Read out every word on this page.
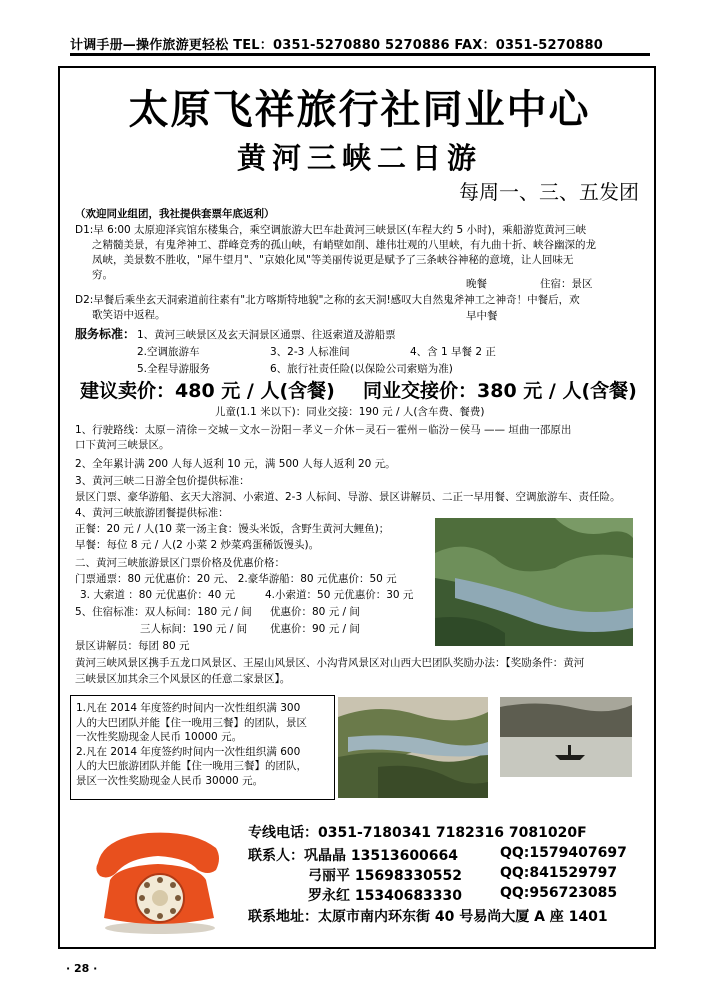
计调手册—操作旅游更轻松 TEL：0351-5270880 5270886 FAX：0351-5270880
太原飞祥旅行社同业中心
黄河三峡二日游
每周一、三、五发团
（欢迎同业组团，我社提供套票年底返利）
D1:早 6:00 太原迎泽宾馆东楼集合，乘空调旅游大巴车赴黄河三峡景区(车程大约 5 小时)，乘船游览黄河三峡
之精髓美景，有鬼斧神工、群峰竞秀的孤山峡，有峭壁如削、雄伟壮观的八里峡，有九曲十折、峡谷幽深的龙
凤峡，美景数不胜收，"犀牛望月"、"京娘化凤"等美丽传说更是赋予了三条峡谷神秘的意境，让人回味无
穷。
晚餐	住宿：景区
D2:早餐后乘坐玄天洞索道前往素有"北方喀斯特地貌"之称的玄天洞!感叹大自然鬼斧神工之神奇！中餐后，欢
歌笑语中返程。	早中餐
服务标准： 1、黄河三峡景区及玄天洞景区通票、往返索道及游船票
2.空调旅游车	3、2-3 人标准间	4、含 1 早餐 2 正
5.全程导游服务	6、旅行社责任险(以保险公司索赔为准)
建议卖价：480 元 / 人(含餐) 同业交接价：380 元 / 人(含餐)
儿童(1.1 米以下)：同业交接：190 元 / 人(含车费、餐费)
1、行驶路线：太原－清徐－交城－文水－汾阳－孝义－介休－灵石－霍州－临汾－侯马 —— 垣曲一邵原出
口下黄河三峡景区。
2、全年累计满 200 人每人返利 10 元，满 500 人每人返利 20 元。
3、黄河三峡二日游全包价提供标准：
景区门票、豪华游船、玄天大溶洞、小索道、2-3 人标间、导游、景区讲解员、二正一早用餐、空调旅游车、责任险。
4、黄河三峡旅游团餐提供标准：
正餐：20 元 / 人(10 菜一汤主食：馒头米饭，含野生黄河大鲤鱼)；
早餐：每位 8 元 / 人(2 小菜 2 炒菜鸡蛋稀饭馒头)。
二、黄河三峡旅游景区门票价格及优惠价格：
门票通票：80 元优惠价：20 元、 2.豪华游船：80 元优惠价：50 元
3. 大索道 ：80 元优惠价：40 元	4.小索道：50 元优惠价：30 元
5、住宿标准：双人标间：180 元 / 间 优惠价：80 元 / 间
三人标间：190 元 / 间 优惠价：90 元 / 间
景区讲解员：每团 80 元
黄河三峡风景区携手五龙口风景区、王屋山风景区、小沟背风景区对山西大巴团队奖励办法：【奖励条件：黄河
三峡景区加其余三个风景区的任意二家景区】。
1.凡在 2014 年度签约时间内一次性组织满 300
人的大巴团队并能【住一晚用三餐】的团队，景区
一次性奖励现金人民币 10000 元。
2.凡在 2014 年度签约时间内一次性组织满 600
人的大巴旅游团队并能【住一晚用三餐】的团队，
景区一次性奖励现金人民币 30000 元。
专线电话：0351-7180341 7182316 7081020F
联系人：巩晶晶 13513600664	QQ:1579407697
弓丽平 15698330552	QQ:841529797
罗永红 15340683330	QQ:956723085
联系地址：太原市南内环东街 40 号易尚大厦 A 座 1401
· 28 ·
